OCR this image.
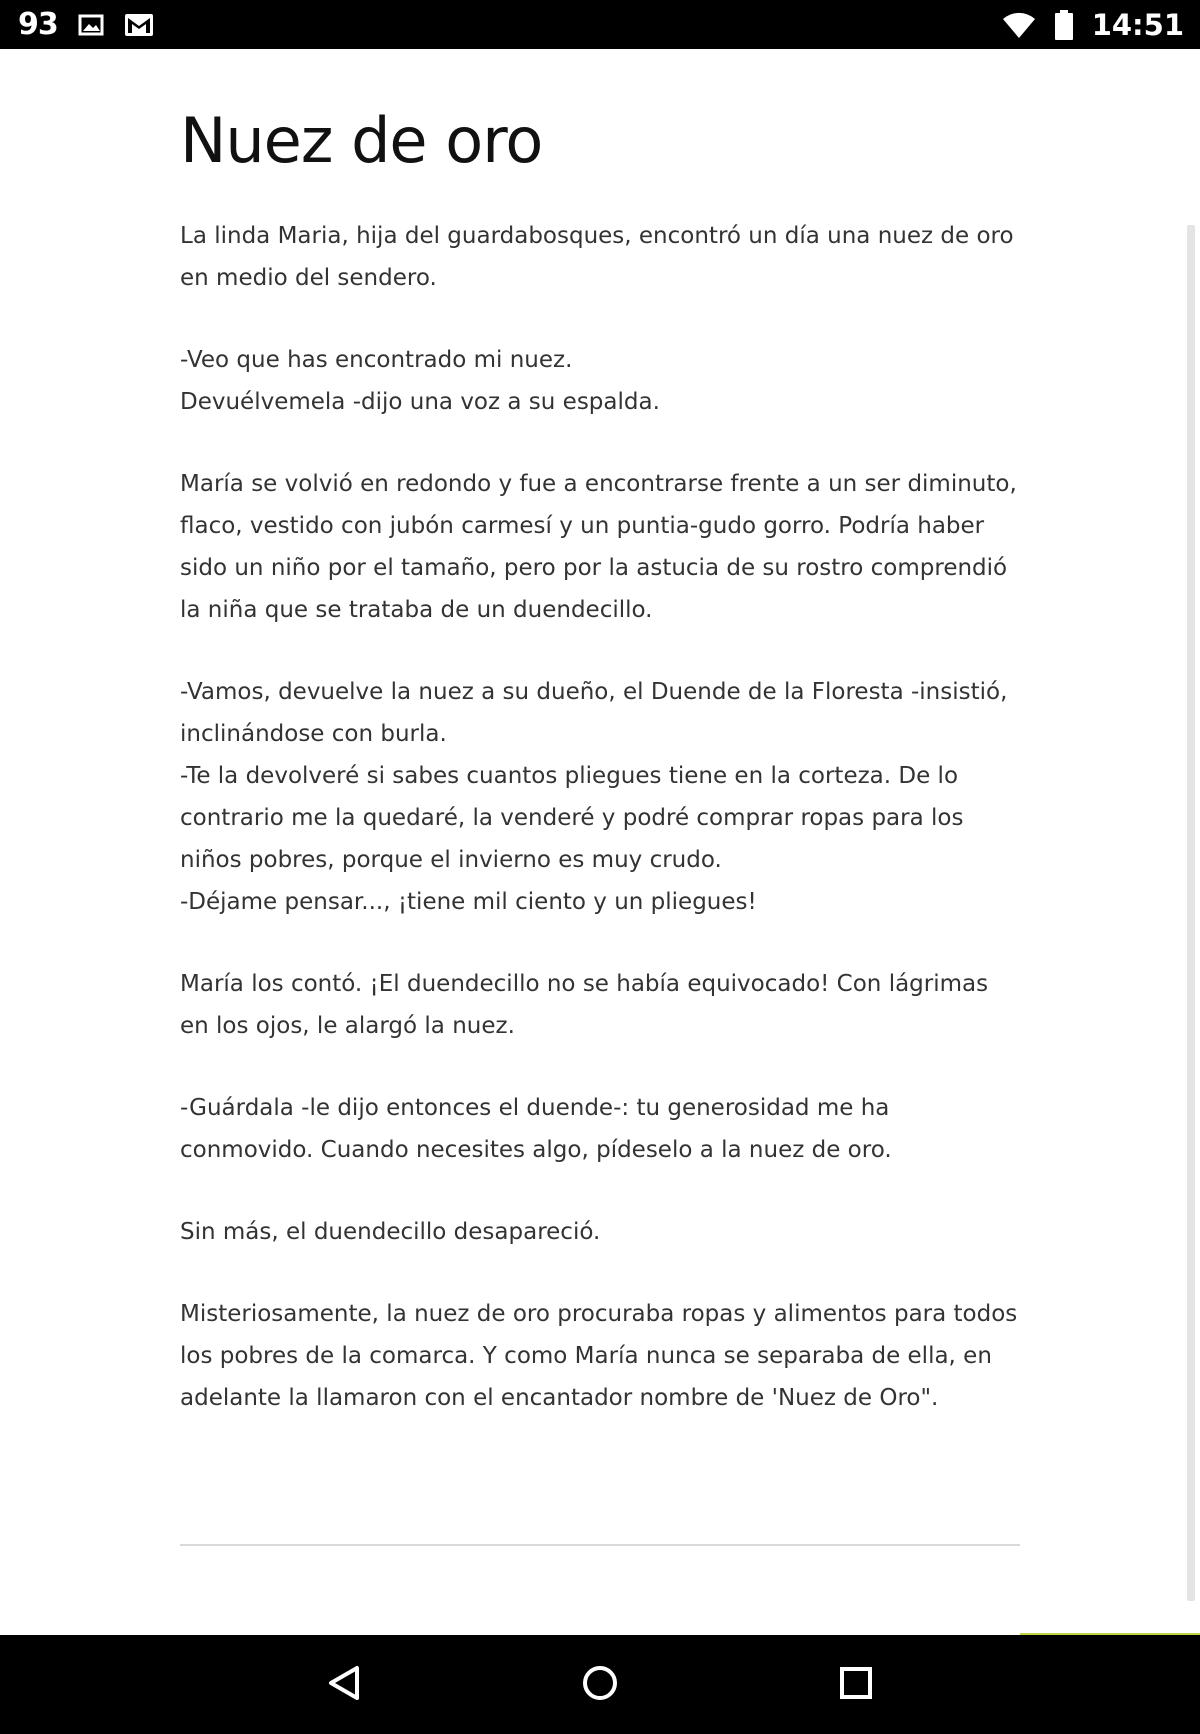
93	14:51
Nuez de oro

La linda Maria, hija del guardabosques, encontró un día una nuez de oro en medio del sendero.

-Veo que has encontrado mi nuez.
Devuélvemela -dijo una voz a su espalda.

María se volvió en redondo y fue a encontrarse frente a un ser diminuto, flaco, vestido con jubón carmesí y un puntia-gudo gorro. Podría haber sido un niño por el tamaño, pero por la astucia de su rostro comprendió la niña que se trataba de un duendecillo.

-Vamos, devuelve la nuez a su dueño, el Duende de la Floresta -insistió, inclinándose con burla.
-Te la devolveré si sabes cuantos pliegues tiene en la corteza. De lo contrario me la quedaré, la venderé y podré comprar ropas para los niños pobres, porque el invierno es muy crudo.
-Déjame pensar..., ¡tiene mil ciento y un pliegues!

María los contó. ¡El duendecillo no se había equivocado! Con lágrimas en los ojos, le alargó la nuez.

-Guárdala -le dijo entonces el duende-: tu generosidad me ha conmovido. Cuando necesites algo, pídeselo a la nuez de oro.

Sin más, el duendecillo desapareció.

Misteriosamente, la nuez de oro procuraba ropas y alimentos para todos los pobres de la comarca. Y como María nunca se separaba de ella, en adelante la llamaron con el encantador nombre de 'Nuez de Oro".
